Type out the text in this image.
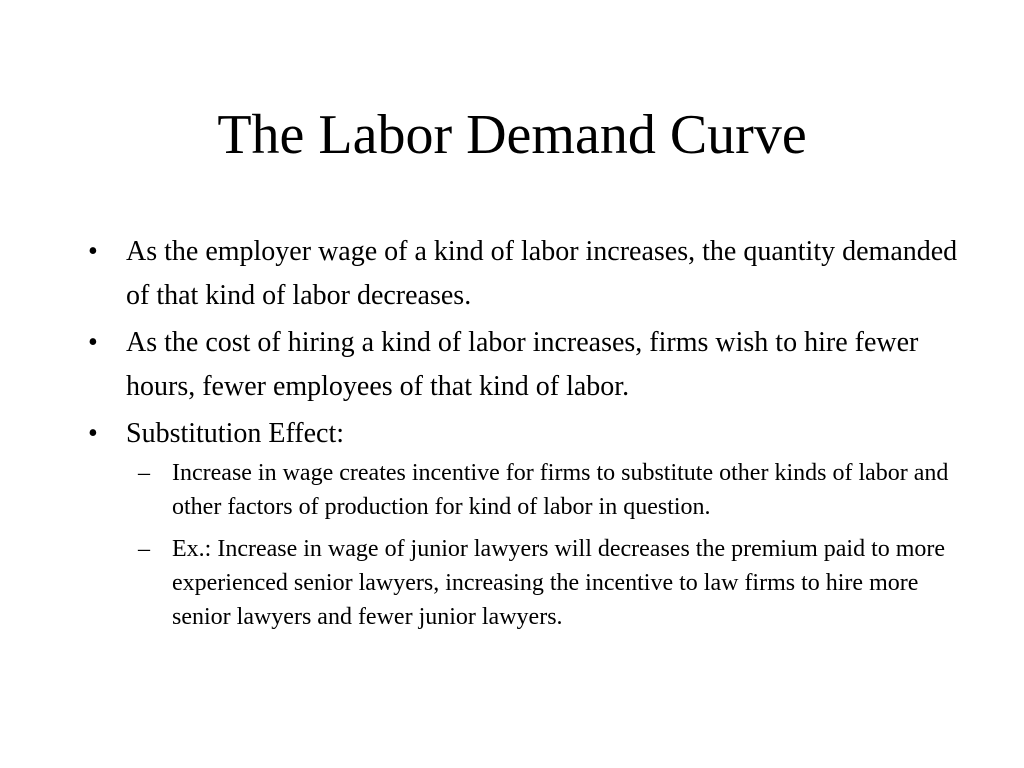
The Labor Demand Curve
• As the employer wage of a kind of labor increases, the quantity demanded of that kind of labor decreases.
• As the cost of hiring a kind of labor increases, firms wish to hire fewer hours, fewer employees of that kind of labor.
• Substitution Effect:
– Increase in wage creates incentive for firms to substitute other kinds of labor and other factors of production for kind of labor in question.
– Ex.: Increase in wage of junior lawyers will decreases the premium paid to more experienced senior lawyers, increasing the incentive to law firms to hire more senior lawyers and fewer junior lawyers.
